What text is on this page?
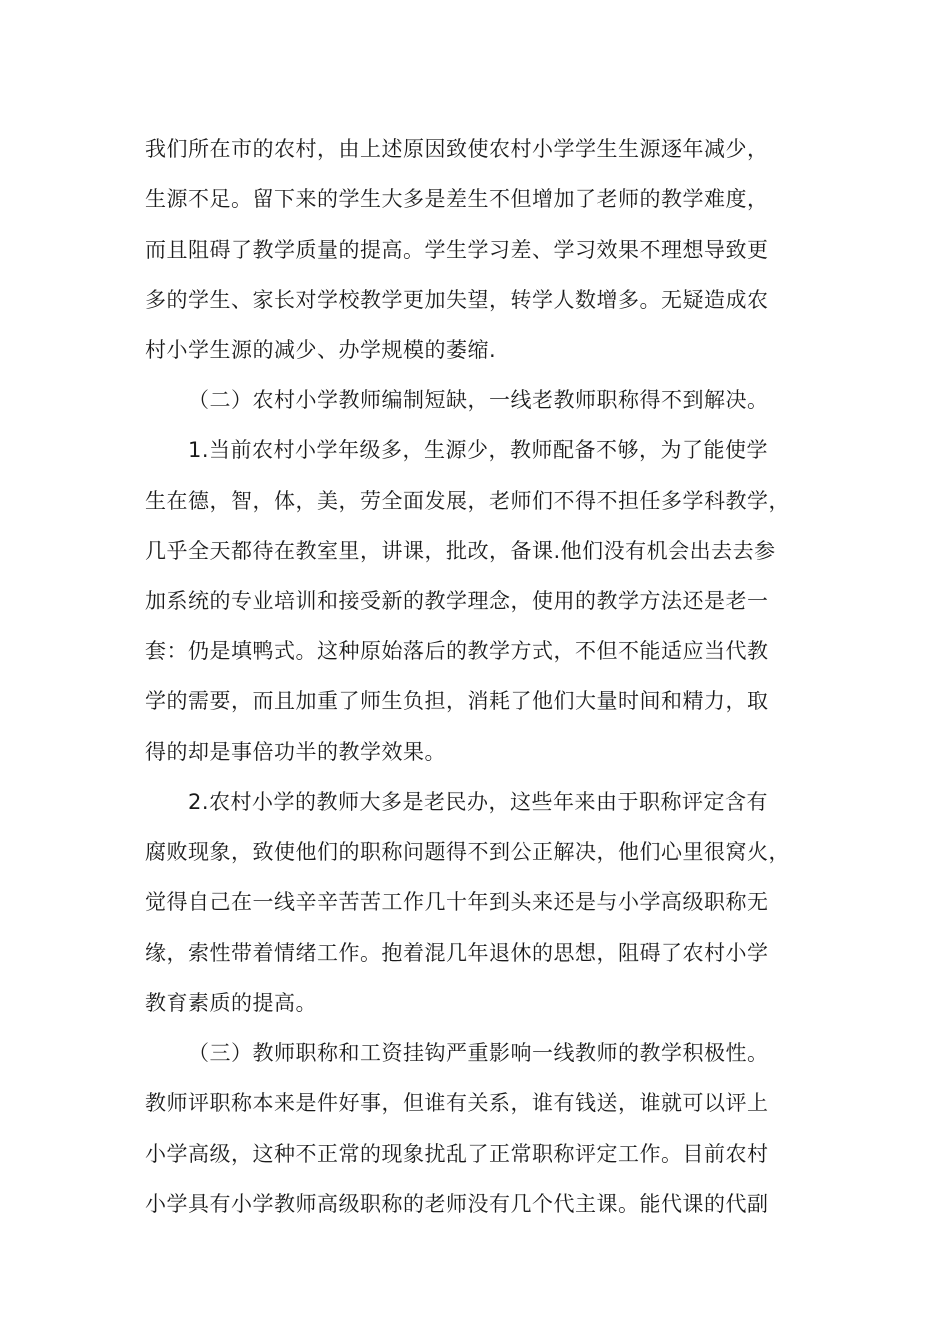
我们所在市的农村，由上述原因致使农村小学学生生源逐年减少，
生源不足。留下来的学生大多是差生不但增加了老师的教学难度，
而且阻碍了教学质量的提高。学生学习差、学习效果不理想导致更
多的学生、家长对学校教学更加失望，转学人数增多。无疑造成农
村小学生源的减少、办学规模的萎缩.
（二）农村小学教师编制短缺，一线老教师职称得不到解决。
1.当前农村小学年级多，生源少，教师配备不够，为了能使学
生在德，智，体，美，劳全面发展，老师们不得不担任多学科教学，
几乎全天都待在教室里，讲课，批改，备课.他们没有机会出去去参
加系统的专业培训和接受新的教学理念，使用的教学方法还是老一
套：仍是填鸭式。这种原始落后的教学方式，不但不能适应当代教
学的需要，而且加重了师生负担，消耗了他们大量时间和精力，取
得的却是事倍功半的教学效果。
2.农村小学的教师大多是老民办，这些年来由于职称评定含有
腐败现象，致使他们的职称问题得不到公正解决，他们心里很窝火，
觉得自己在一线辛辛苦苦工作几十年到头来还是与小学高级职称无
缘，索性带着情绪工作。抱着混几年退休的思想，阻碍了农村小学
教育素质的提高。
（三）教师职称和工资挂钩严重影响一线教师的教学积极性。
教师评职称本来是件好事，但谁有关系，谁有钱送，谁就可以评上
小学高级，这种不正常的现象扰乱了正常职称评定工作。目前农村
小学具有小学教师高级职称的老师没有几个代主课。能代课的代副
